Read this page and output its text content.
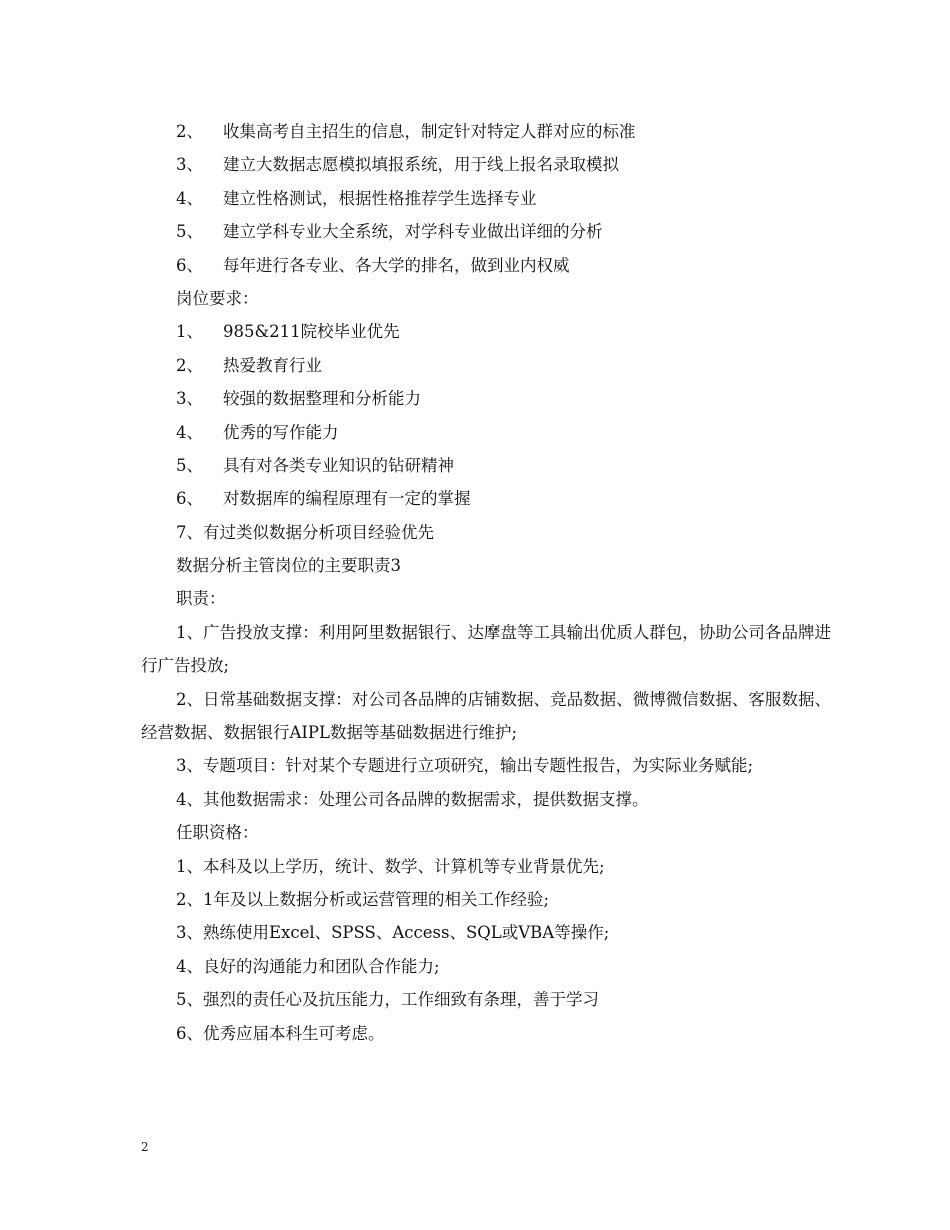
2、 收集高考自主招生的信息，制定针对特定人群对应的标准
3、 建立大数据志愿模拟填报系统，用于线上报名录取模拟
4、 建立性格测试，根据性格推荐学生选择专业
5、 建立学科专业大全系统，对学科专业做出详细的分析
6、 每年进行各专业、各大学的排名，做到业内权威
岗位要求：
1、 985&211院校毕业优先
2、 热爱教育行业
3、 较强的数据整理和分析能力
4、 优秀的写作能力
5、 具有对各类专业知识的钻研精神
6、 对数据库的编程原理有一定的掌握
7、有过类似数据分析项目经验优先
数据分析主管岗位的主要职责3
职责：
1、广告投放支撑：利用阿里数据银行、达摩盘等工具输出优质人群包，协助公司各品牌进行广告投放;
2、日常基础数据支撑：对公司各品牌的店铺数据、竞品数据、微博微信数据、客服数据、经营数据、数据银行AIPL数据等基础数据进行维护;
3、专题项目：针对某个专题进行立项研究，输出专题性报告，为实际业务赋能;
4、其他数据需求：处理公司各品牌的数据需求，提供数据支撑。
任职资格：
1、本科及以上学历，统计、数学、计算机等专业背景优先;
2、1年及以上数据分析或运营管理的相关工作经验;
3、熟练使用Excel、SPSS、Access、SQL或VBA等操作;
4、良好的沟通能力和团队合作能力;
5、强烈的责任心及抗压能力，工作细致有条理，善于学习
6、优秀应届本科生可考虑。
2
